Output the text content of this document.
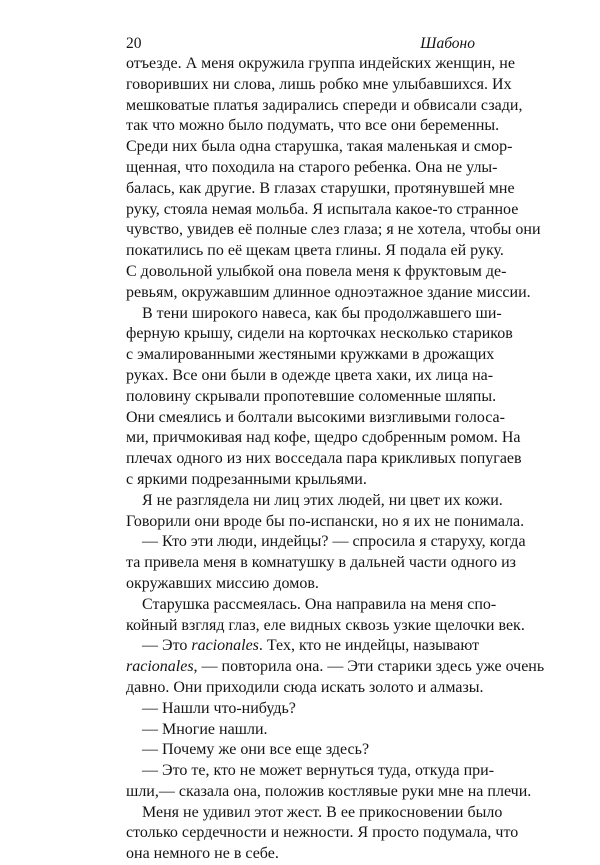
20	Шабоно
отъезде. А меня окружила группа индейских женщин, не
говоривших ни слова, лишь робко мне улыбавшихся. Их
мешковатые платья задирались спереди и обвисали сзади,
так что можно было подумать, что все они беременны.
Среди них была одна старушка, такая маленькая и смор-
щенная, что походила на старого ребенка. Она не улы-
балась, как другие. В глазах старушки, протянувшей мне
руку, стояла немая мольба. Я испытала какое-то странное
чувство, увидев её полные слез глаза; я не хотела, чтобы они
покатились по её щекам цвета глины. Я подала ей руку.
С довольной улыбкой она повела меня к фруктовым де-
ревьям, окружавшим длинное одноэтажное здание миссии.
В тени широкого навеса, как бы продолжавшего ши-
ферную крышу, сидели на корточках несколько стариков
с эмалированными жестяными кружками в дрожащих
руках. Все они были в одежде цвета хаки, их лица на-
половину скрывали пропотевшие соломенные шляпы.
Они смеялись и болтали высокими визгливыми голоса-
ми, причмокивая над кофе, щедро сдобренным ромом. На
плечах одного из них восседала пара крикливых попугаев
с яркими подрезанными крыльями.
Я не разглядела ни лиц этих людей, ни цвет их кожи.
Говорили они вроде бы по-испански, но я их не понимала.
— Кто эти люди, индейцы? — спросила я старуху, когда
та привела меня в комнатушку в дальней части одного из
окружавших миссию домов.
Старушка рассмеялась. Она направила на меня спо-
койный взгляд глаз, еле видных сквозь узкие щелочки век.
— Это racionales. Тех, кто не индейцы, называют
racionales, — повторила она. — Эти старики здесь уже очень
давно. Они приходили сюда искать золото и алмазы.
— Нашли что-нибудь?
— Многие нашли.
— Почему же они все еще здесь?
— Это те, кто не может вернуться туда, откуда при-
шли,— сказала она, положив костлявые руки мне на плечи.
Меня не удивил этот жест. В ее прикосновении было
столько сердечности и нежности. Я просто подумала, что
она немного не в себе.
